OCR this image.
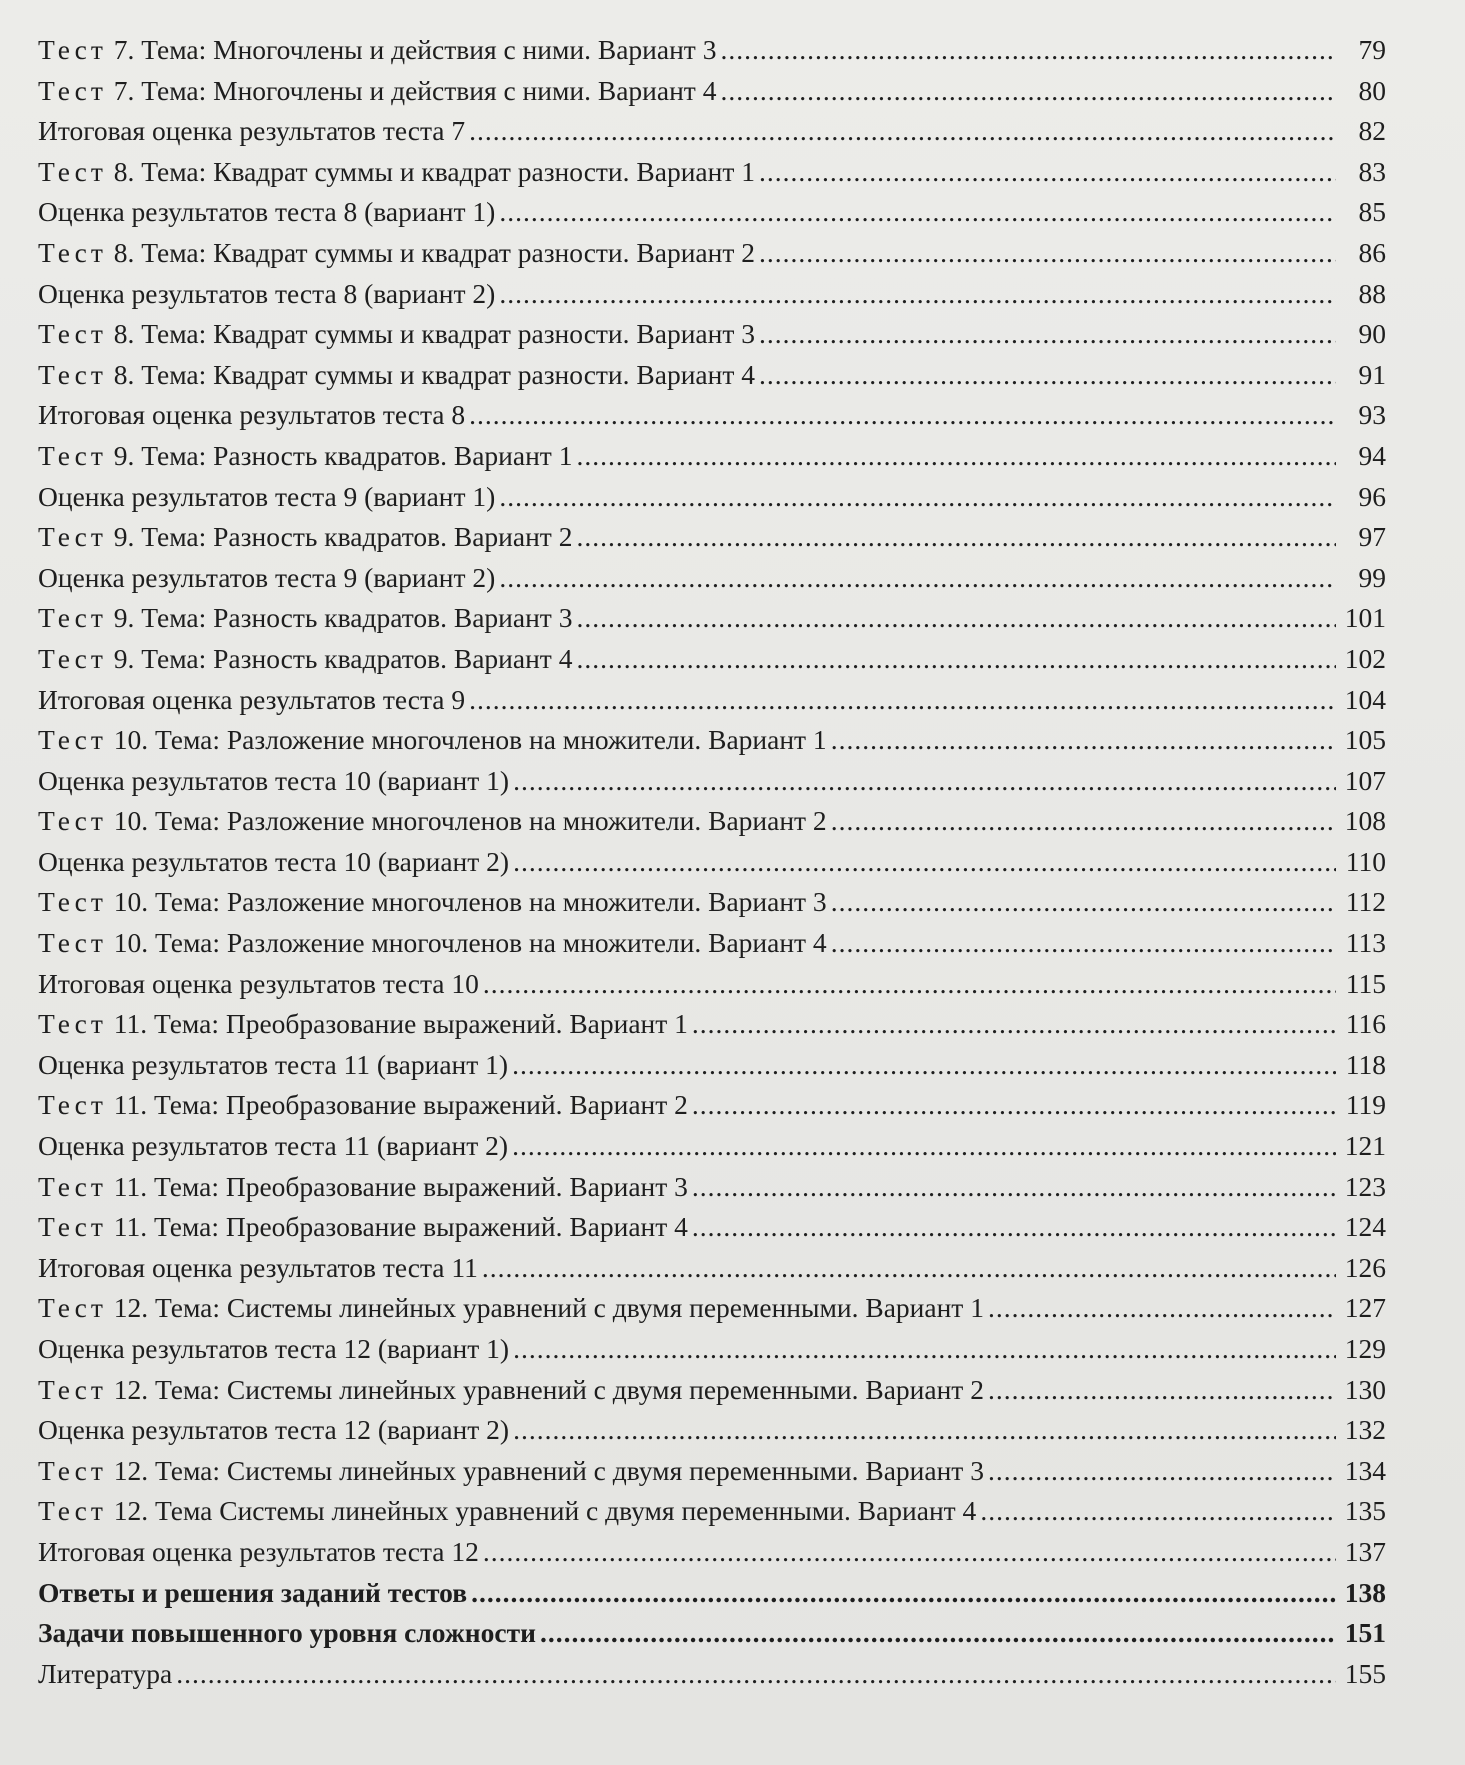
Тест 7. Тема: Многочлены и действия с ними. Вариант 3 .....	79
Тест 7. Тема: Многочлены и действия с ними. Вариант 4 .....	80
Итоговая оценка результатов теста 7 .....	82
Тест 8. Тема: Квадрат суммы и квадрат разности. Вариант 1 .....	83
Оценка результатов теста 8 (вариант 1) .....	85
Тест 8. Тема: Квадрат суммы и квадрат разности. Вариант 2 .....	86
Оценка результатов теста 8 (вариант 2) .....	88
Тест 8. Тема: Квадрат суммы и квадрат разности. Вариант 3 .....	90
Тест 8. Тема: Квадрат суммы и квадрат разности. Вариант 4 .....	91
Итоговая оценка результатов теста 8 .....	93
Тест 9. Тема: Разность квадратов. Вариант 1 .....	94
Оценка результатов теста 9 (вариант 1) .....	96
Тест 9. Тема: Разность квадратов. Вариант 2 .....	97
Оценка результатов теста 9 (вариант 2) .....	99
Тест 9. Тема: Разность квадратов. Вариант 3 .....	101
Тест 9. Тема: Разность квадратов. Вариант 4 .....	102
Итоговая оценка результатов теста 9 .....	104
Тест 10. Тема: Разложение многочленов на множители. Вариант 1 .....	105
Оценка результатов теста 10 (вариант 1) .....	107
Тест 10. Тема: Разложение многочленов на множители. Вариант 2 .....	108
Оценка результатов теста 10 (вариант 2) .....	110
Тест 10. Тема: Разложение многочленов на множители. Вариант 3 .....	112
Тест 10. Тема: Разложение многочленов на множители. Вариант 4 .....	113
Итоговая оценка результатов теста 10 .....	115
Тест 11. Тема: Преобразование выражений. Вариант 1 .....	116
Оценка результатов теста 11 (вариант 1) .....	118
Тест 11. Тема: Преобразование выражений. Вариант 2 .....	119
Оценка результатов теста 11 (вариант 2) .....	121
Тест 11. Тема: Преобразование выражений. Вариант 3 .....	123
Тест 11. Тема: Преобразование выражений. Вариант 4 .....	124
Итоговая оценка результатов теста 11 .....	126
Тест 12. Тема: Системы линейных уравнений с двумя переменными. Вариант 1 .....	127
Оценка результатов теста 12 (вариант 1) .....	129
Тест 12. Тема: Системы линейных уравнений с двумя переменными. Вариант 2 .....	130
Оценка результатов теста 12 (вариант 2) .....	132
Тест 12. Тема: Системы линейных уравнений с двумя переменными. Вариант 3 .....	134
Тест 12. Тема Системы линейных уравнений с двумя переменными. Вариант 4 .....	135
Итоговая оценка результатов теста 12 .....	137
Ответы и решения заданий тестов .....	138
Задачи повышенного уровня сложности .....	151
Литература .....	155
